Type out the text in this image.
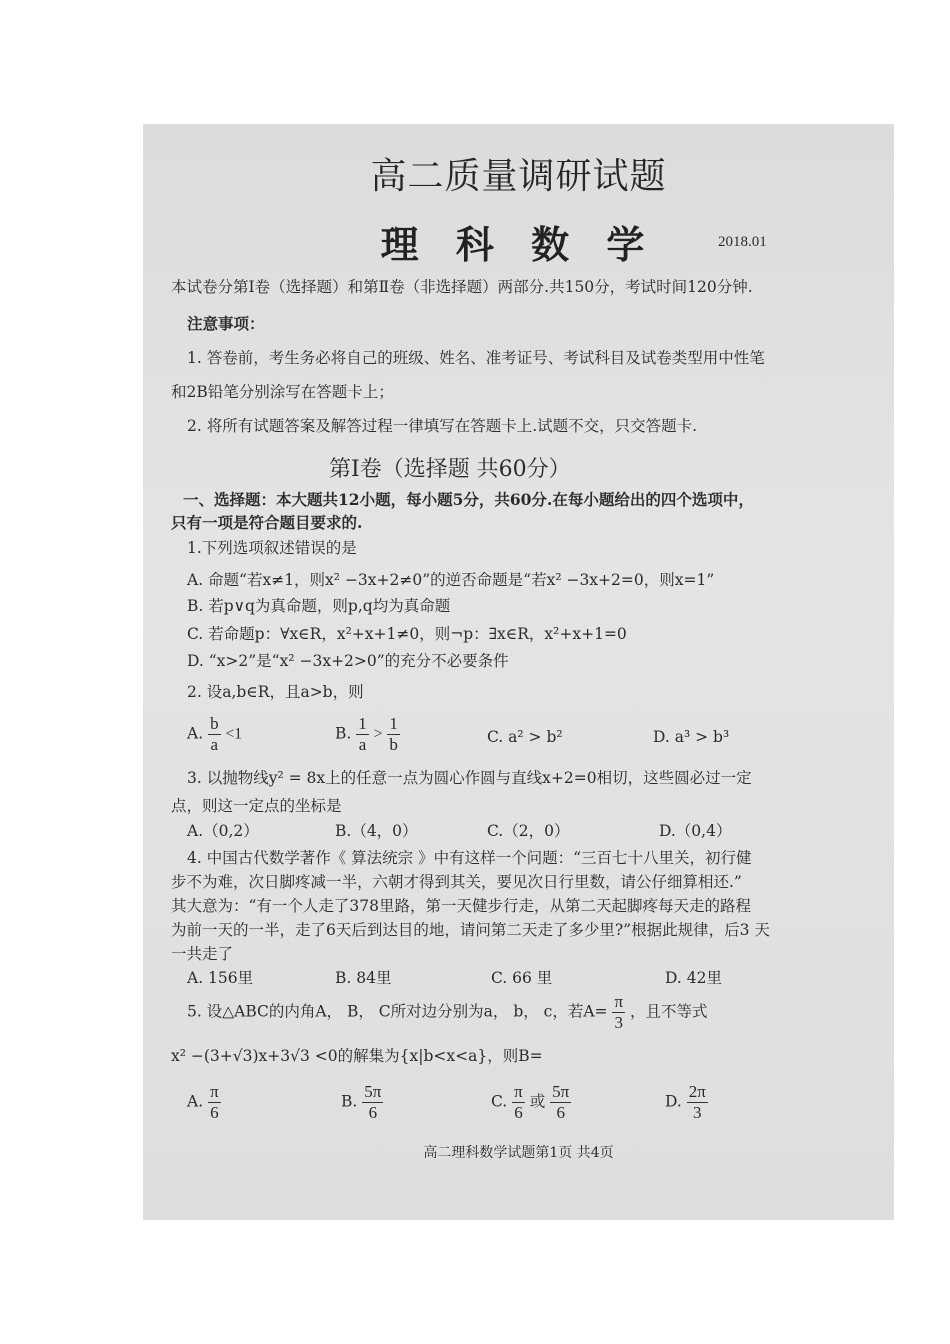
高二质量调研试题
理 科 数 学	2018.01
本试卷分第Ⅰ卷（选择题）和第Ⅱ卷（非选择题）两部分.共150分，考试时间120分钟.
注意事项：
1. 答卷前，考生务必将自己的班级、姓名、准考证号、考试科目及试卷类型用中性笔
和2B铅笔分别涂写在答题卡上；
2. 将所有试题答案及解答过程一律填写在答题卡上.试题不交，只交答题卡.
第Ⅰ卷（选择题 共60分）
一、选择题：本大题共12小题，每小题5分，共60分.在每小题给出的四个选项中，
只有一项是符合题目要求的.
1.下列选项叙述错误的是
A. 命题“若x≠1，则x² −3x+2≠0”的逆否命题是“若x² −3x+2=0，则x=1”
B. 若p∨q为真命题，则p,q均为真命题
C. 若命题p：∀x∈R，x²+x+1≠0，则¬p：∃x∈R，x²+x+1=0
D. “x>2”是“x² −3x+2>0”的充分不必要条件
2. 设a,b∈R，且a>b，则
A. $\frac{b}{a} <1$	B. $\frac{1}{a} > \frac{1}{b}$	C. a² > b²	D. a³ > b³
3. 以抛物线y² = 8x上的任意一点为圆心作圆与直线x+2=0相切，这些圆必过一定
点，则这一定点的坐标是
A.（0,2）	B.（4，0）	C.（2，0）	D.（0,4）
4. 中国古代数学著作《 算法统宗 》中有这样一个问题：“三百七十八里关，初行健
步不为难，次日脚疼减一半，六朝才得到其关，要见次日行里数，请公仔细算相还.”
其大意为：“有一个人走了378里路，第一天健步行走，从第二天起脚疼每天走的路程
为前一天的一半，走了6天后到达目的地，请问第二天走了多少里?”根据此规律，后3 天
一共走了
A. 156里	B. 84里	C. 66 里	D. 42里
5. 设△ABC的内角A， B， C所对边分别为a， b， c，若$A= \frac{\pi}{3}$ ，且不等式
x² −(3+√3)x+3√3 <0的解集为{x|b<x<a}，则B=
A. $\frac{\pi}{6}$	B. $\frac{5\pi}{6}$	C. $\frac{\pi}{6}$ 或 $\frac{5\pi}{6}$	D. $\frac{2\pi}{3}$
高二理科数学试题第1页 共4页
